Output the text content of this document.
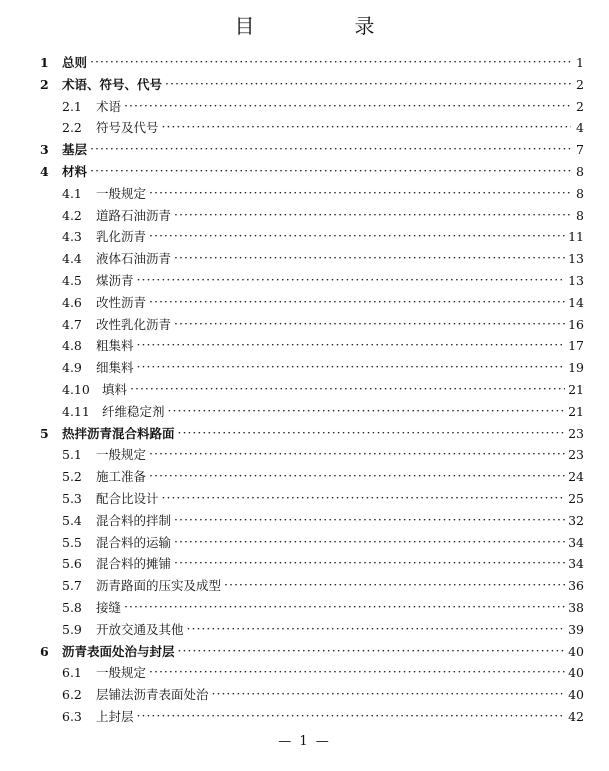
目　录
1	总则 ·····	1
2	术语、符号、代号 ·····	2
2.1	术语 ·····	2
2.2	符号及代号 ·····	4
3	基层 ·····	7
4	材料 ·····	8
4.1	一般规定 ·····	8
4.2	道路石油沥青 ·····	8
4.3	乳化沥青 ·····	11
4.4	液体石油沥青 ·····	13
4.5	煤沥青 ·····	13
4.6	改性沥青 ·····	14
4.7	改性乳化沥青 ·····	16
4.8	粗集料 ·····	17
4.9	细集料 ·····	19
4.10 填料 ·····	21
4.11 纤维稳定剂 ·····	21
5	热拌沥青混合料路面 ·····	23
5.1	一般规定 ·····	23
5.2	施工准备 ·····	24
5.3	配合比设计 ·····	25
5.4	混合料的拌制 ·····	32
5.5	混合料的运输 ·····	34
5.6	混合料的摊铺 ·····	34
5.7	沥青路面的压实及成型 ·····	36
5.8	接缝 ·····	38
5.9	开放交通及其他 ·····	39
6	沥青表面处治与封层 ·····	40
6.1	一般规定 ·····	40
6.2	层铺法沥青表面处治 ·····	40
6.3	上封层 ·····	42
— 1 —
